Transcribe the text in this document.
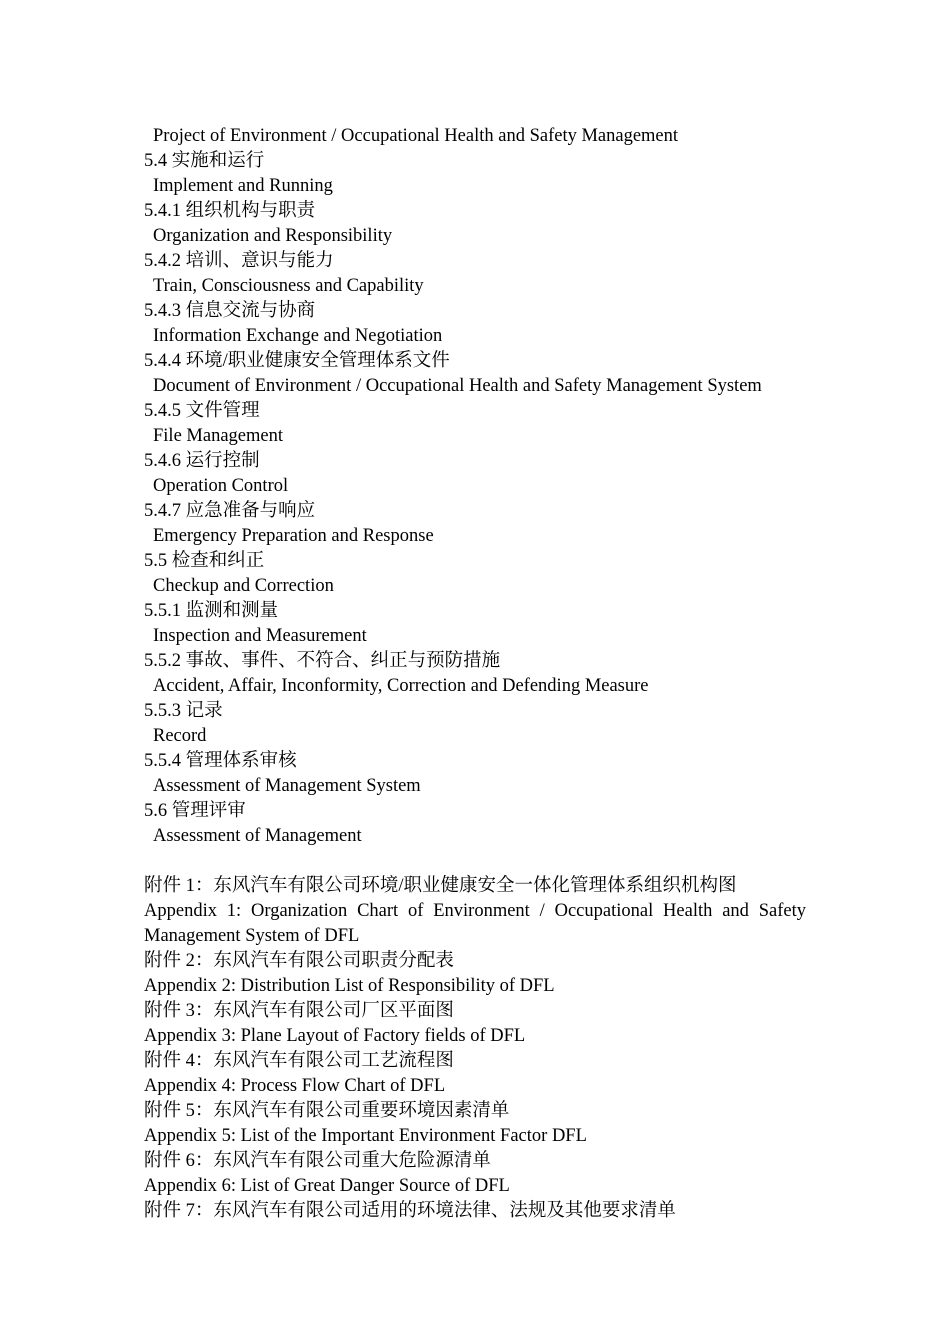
Project of Environment / Occupational Health and Safety Management
5.4 实施和运行
Implement and Running
5.4.1 组织机构与职责
Organization and Responsibility
5.4.2 培训、意识与能力
Train, Consciousness and Capability
5.4.3 信息交流与协商
Information Exchange and Negotiation
5.4.4 环境/职业健康安全管理体系文件
Document of Environment / Occupational Health and Safety Management System
5.4.5 文件管理
File Management
5.4.6 运行控制
Operation Control
5.4.7 应急准备与响应
Emergency Preparation and Response
5.5 检查和纠正
Checkup and Correction
5.5.1 监测和测量
Inspection and Measurement
5.5.2 事故、事件、不符合、纠正与预防措施
Accident, Affair, Inconformity, Correction and Defending Measure
5.5.3 记录
Record
5.5.4 管理体系审核
Assessment of Management System
5.6 管理评审
Assessment of Management
附件 1：东风汽车有限公司环境/职业健康安全一体化管理体系组织机构图
Appendix 1: Organization Chart of Environment / Occupational Health and Safety Management System of DFL
附件 2：东风汽车有限公司职责分配表
Appendix 2: Distribution List of Responsibility of DFL
附件 3：东风汽车有限公司厂区平面图
Appendix 3: Plane Layout of Factory fields of DFL
附件 4：东风汽车有限公司工艺流程图
Appendix 4: Process Flow Chart of DFL
附件 5：东风汽车有限公司重要环境因素清单
Appendix 5: List of the Important Environment Factor DFL
附件 6：东风汽车有限公司重大危险源清单
Appendix 6: List of Great Danger Source of DFL
附件 7：东风汽车有限公司适用的环境法律、法规及其他要求清单
